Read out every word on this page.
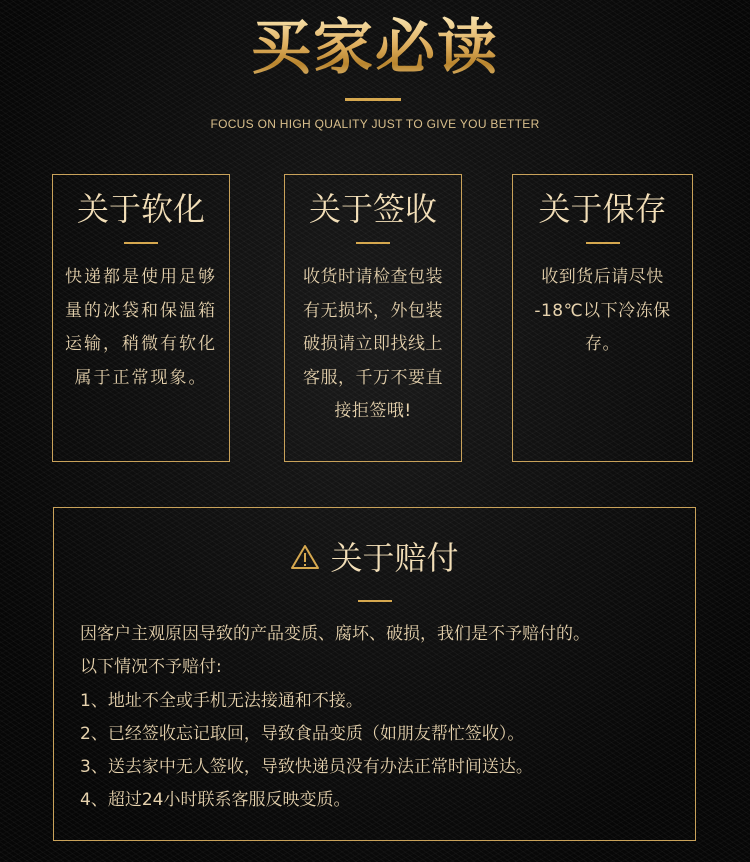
买家必读
FOCUS ON HIGH QUALITY JUST TO GIVE YOU BETTER
关于软化
快递都是使用足够
量的冰袋和保温箱
运输，稍微有软化
属于正常现象。
关于签收
收货时请检查包装
有无损坏，外包装
破损请立即找线上
客服，千万不要直
接拒签哦!
关于保存
收到货后请尽快
-18℃以下冷冻保
存。
关于赔付
因客户主观原因导致的产品变质、腐坏、破损，我们是不予赔付的。
以下情况不予赔付:
1、地址不全或手机无法接通和不接。
2、已经签收忘记取回，导致食品变质（如朋友帮忙签收）。
3、送去家中无人签收，导致快递员没有办法正常时间送达。
4、超过24小时联系客服反映变质。
